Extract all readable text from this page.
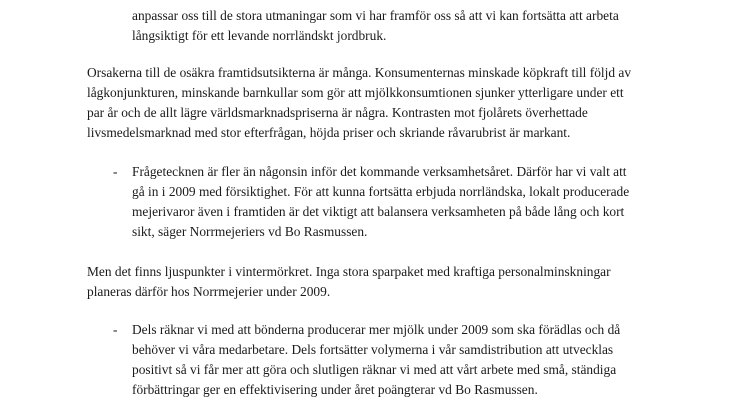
anpassar oss till de stora utmaningar som vi har framför oss så att vi kan fortsätta att arbeta
långsiktigt för ett levande norrländskt jordbruk.
Orsakerna till de osäkra framtidsutsikterna är många. Konsumenternas minskade köpkraft till följd av
lågkonjunkturen, minskande barnkullar som gör att mjölkkonsumtionen sjunker ytterligare under ett
par år och de allt lägre världsmarknadspriserna är några. Kontrasten mot fjolårets överhettade
livsmedelsmarknad med stor efterfrågan, höjda priser och skriande råvarubrist är markant.
-	Frågetecknen är fler än någonsin inför det kommande verksamhetsåret. Därför har vi valt att
gå in i 2009 med försiktighet. För att kunna fortsätta erbjuda norrländska, lokalt producerade
mejerivaror även i framtiden är det viktigt att balansera verksamheten på både lång och kort
sikt, säger Norrmejeriers vd Bo Rasmussen.
Men det finns ljuspunkter i vintermörkret. Inga stora sparpaket med kraftiga personalminskningar
planeras därför hos Norrmejerier under 2009.
-	Dels räknar vi med att bönderna producerar mer mjölk under 2009 som ska förädlas och då
behöver vi våra medarbetare. Dels fortsätter volymerna i vår samdistribution att utvecklas
positivt så vi får mer att göra och slutligen räknar vi med att vårt arbete med små, ständiga
förbättringar ger en effektivisering under året poängterar vd Bo Rasmussen.
